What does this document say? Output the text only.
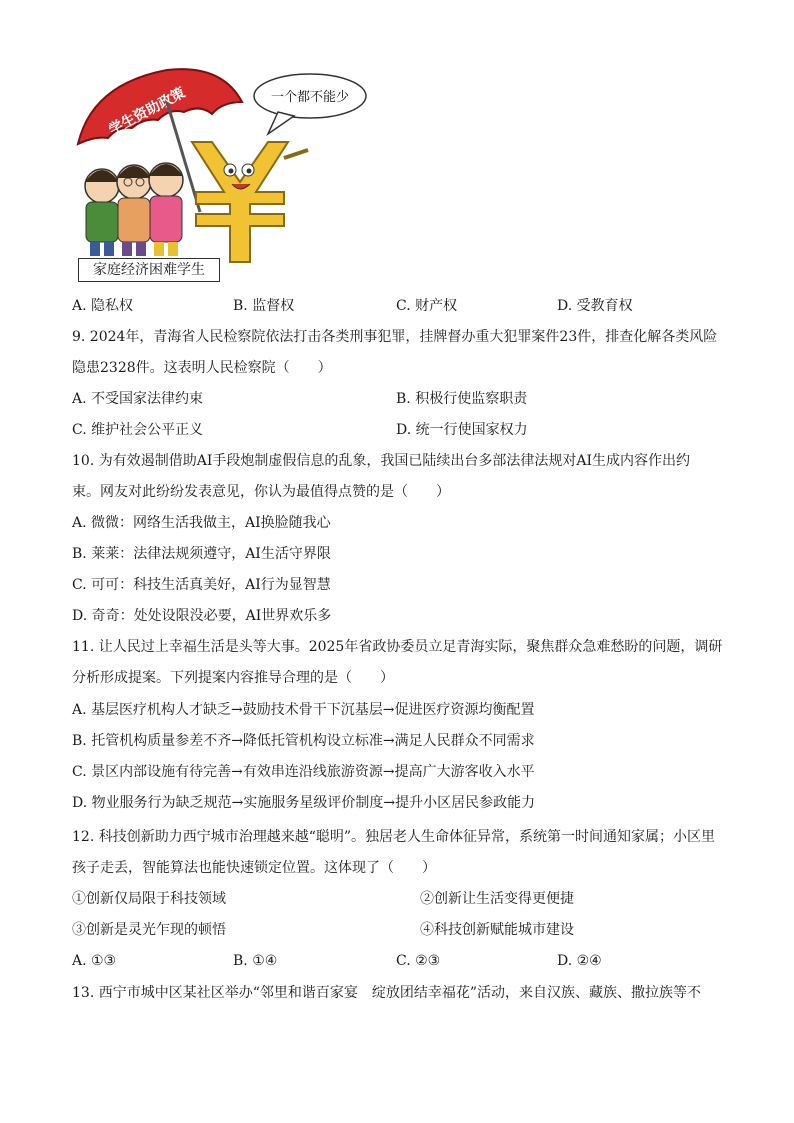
学生资助政策	一个都不能少
家庭经济困难学生
A. 隐私权	B. 监督权	C. 财产权	D. 受教育权
9. 2024年，青海省人民检察院依法打击各类刑事犯罪，挂牌督办重大犯罪案件23件，排查化解各类风险
隐患2328件。这表明人民检察院（　　）
A. 不受国家法律约束	B. 积极行使监察职责
C. 维护社会公平正义	D. 统一行使国家权力
10. 为有效遏制借助AI手段炮制虚假信息的乱象，我国已陆续出台多部法律法规对AI生成内容作出约
束。网友对此纷纷发表意见，你认为最值得点赞的是（　　）
A. 微微：网络生活我做主，AI换脸随我心
B. 莱莱：法律法规须遵守，AI生活守界限
C. 可可：科技生活真美好，AI行为显智慧
D. 奇奇：处处设限没必要，AI世界欢乐多
11. 让人民过上幸福生活是头等大事。2025年省政协委员立足青海实际，聚焦群众急难愁盼的问题，调研
分析形成提案。下列提案内容推导合理的是（　　）
A. 基层医疗机构人才缺乏→鼓励技术骨干下沉基层→促进医疗资源均衡配置
B. 托管机构质量参差不齐→降低托管机构设立标准→满足人民群众不同需求
C. 景区内部设施有待完善→有效串连沿线旅游资源→提高广大游客收入水平
D. 物业服务行为缺乏规范→实施服务星级评价制度→提升小区居民参政能力
12. 科技创新助力西宁城市治理越来越“聪明”。独居老人生命体征异常，系统第一时间通知家属；小区里
孩子走丢，智能算法也能快速锁定位置。这体现了（　　）
①创新仅局限于科技领域	②创新让生活变得更便捷
③创新是灵光乍现的顿悟	④科技创新赋能城市建设
A. ①③	B. ①④	C. ②③	D. ②④
13. 西宁市城中区某社区举办“邻里和谐百家宴　绽放团结幸福花”活动，来自汉族、藏族、撒拉族等不
